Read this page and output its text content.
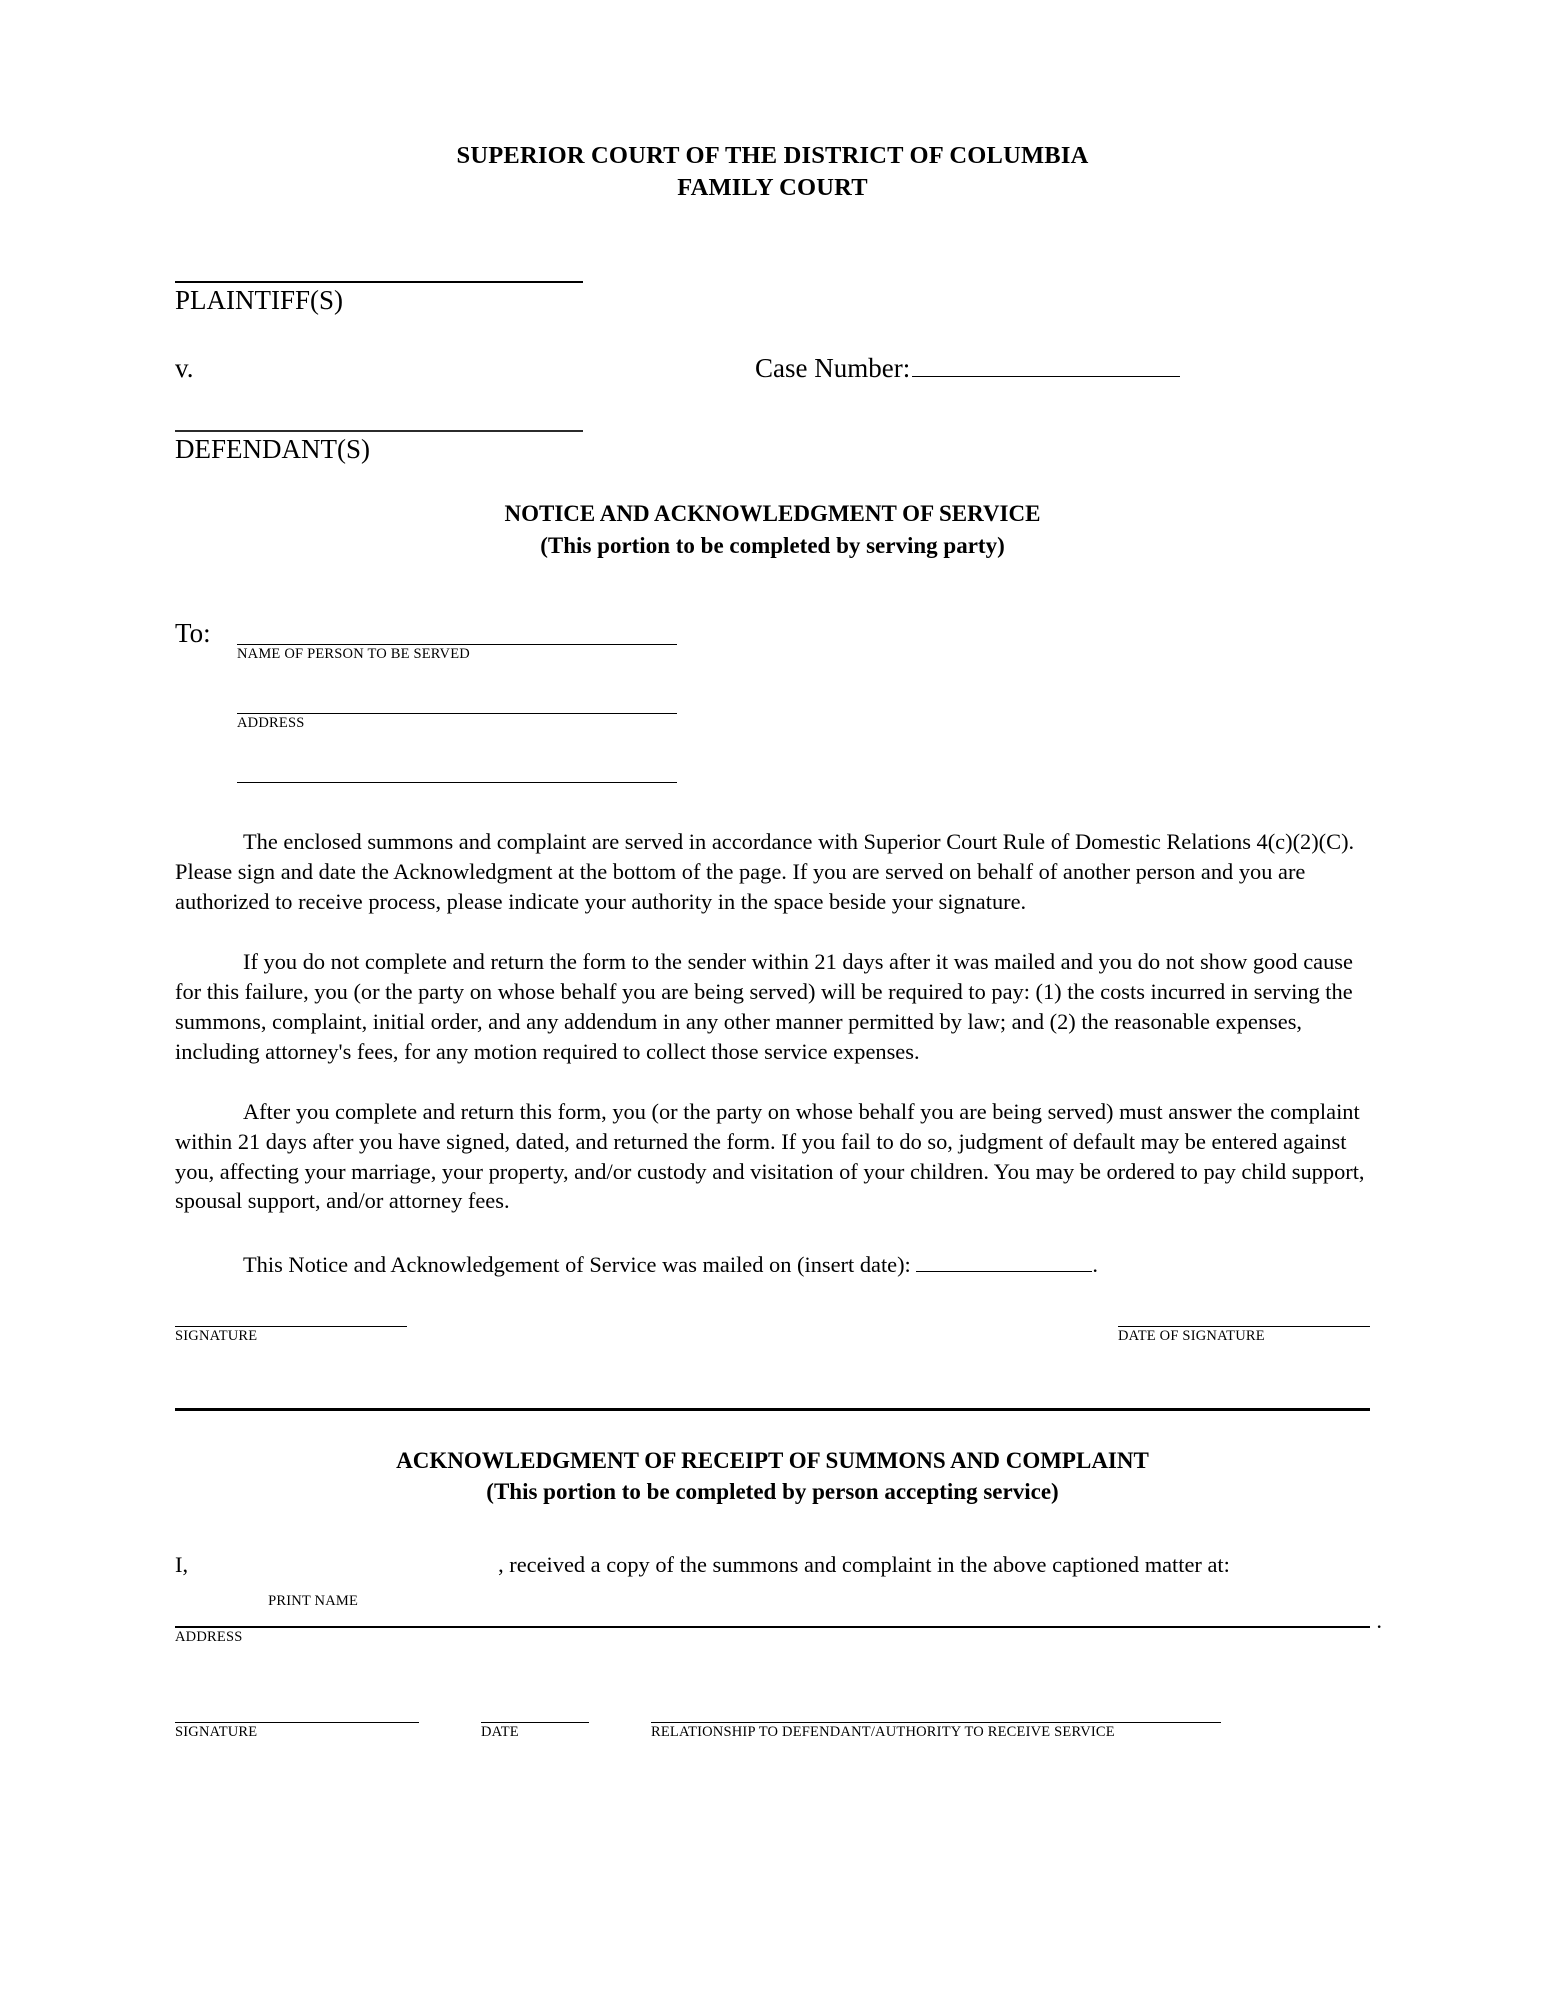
SUPERIOR COURT OF THE DISTRICT OF COLUMBIA
FAMILY COURT
PLAINTIFF(S)
v.	Case Number:
DEFENDANT(S)
NOTICE AND ACKNOWLEDGMENT OF SERVICE
(This portion to be completed by serving party)
To:
NAME OF PERSON TO BE SERVED
ADDRESS
The enclosed summons and complaint are served in accordance with Superior Court Rule of Domestic Relations 4(c)(2)(C). Please sign and date the Acknowledgment at the bottom of the page. If you are served on behalf of another person and you are authorized to receive process, please indicate your authority in the space beside your signature.
If you do not complete and return the form to the sender within 21 days after it was mailed and you do not show good cause for this failure, you (or the party on whose behalf you are being served) will be required to pay: (1) the costs incurred in serving the summons, complaint, initial order, and any addendum in any other manner permitted by law; and (2) the reasonable expenses, including attorney's fees, for any motion required to collect those service expenses.
After you complete and return this form, you (or the party on whose behalf you are being served) must answer the complaint within 21 days after you have signed, dated, and returned the form. If you fail to do so, judgment of default may be entered against you, affecting your marriage, your property, and/or custody and visitation of your children. You may be ordered to pay child support, spousal support, and/or attorney fees.
This Notice and Acknowledgement of Service was mailed on (insert date):	.
SIGNATURE	DATE OF SIGNATURE
ACKNOWLEDGMENT OF RECEIPT OF SUMMONS AND COMPLAINT
(This portion to be completed by person accepting service)
I,
PRINT NAME
, received a copy of the summons and complaint in the above captioned matter at:
.
ADDRESS
SIGNATURE	DATE	RELATIONSHIP TO DEFENDANT/AUTHORITY TO RECEIVE SERVICE
